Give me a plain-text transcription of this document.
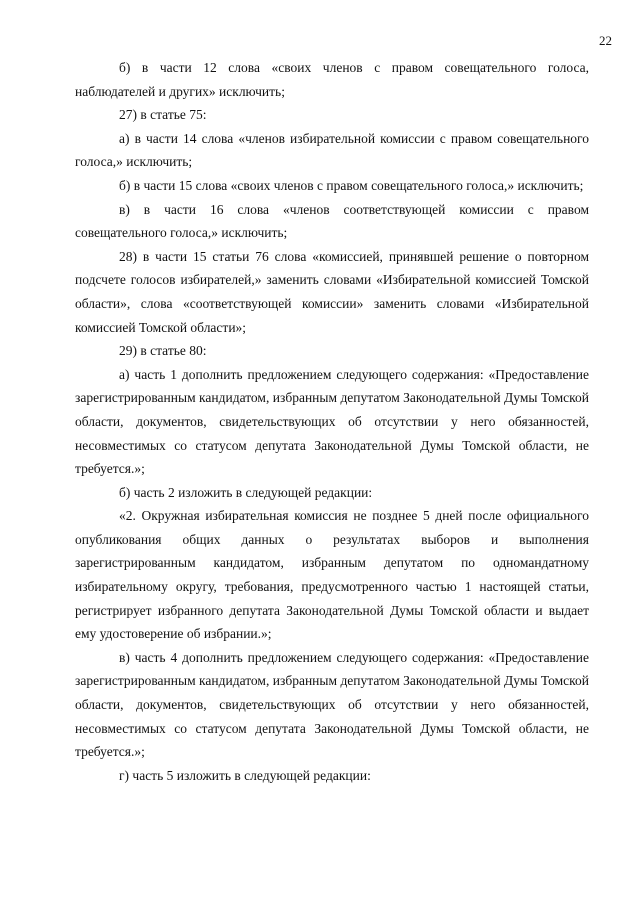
22

б) в части 12 слова «своих членов с правом совещательного голоса, наблюдателей и других» исключить;

27) в статье 75:

а) в части 14 слова «членов избирательной комиссии с правом совещательного голоса,» исключить;

б) в части 15 слова «своих членов с правом совещательного голоса,» исключить;

в) в части 16 слова «членов соответствующей комиссии с правом совещательного голоса,» исключить;

28) в части 15 статьи 76 слова «комиссией, принявшей решение о повторном подсчете голосов избирателей,» заменить словами «Избирательной комиссией Томской области», слова «соответствующей комиссии» заменить словами «Избирательной комиссией Томской области»;

29) в статье 80:

а) часть 1 дополнить предложением следующего содержания: «Предоставление зарегистрированным кандидатом, избранным депутатом Законодательной Думы Томской области, документов, свидетельствующих об отсутствии у него обязанностей, несовместимых со статусом депутата Законодательной Думы Томской области, не требуется.»;

б) часть 2 изложить в следующей редакции:

«2. Окружная избирательная комиссия не позднее 5 дней после официального опубликования общих данных о результатах выборов и выполнения зарегистрированным кандидатом, избранным депутатом по одномандатному избирательному округу, требования, предусмотренного частью 1 настоящей статьи, регистрирует избранного депутата Законодательной Думы Томской области и выдает ему удостоверение об избрании.»;

в) часть 4 дополнить предложением следующего содержания: «Предоставление зарегистрированным кандидатом, избранным депутатом Законодательной Думы Томской области, документов, свидетельствующих об отсутствии у него обязанностей, несовместимых со статусом депутата Законодательной Думы Томской области, не требуется.»;

г) часть 5 изложить в следующей редакции:
